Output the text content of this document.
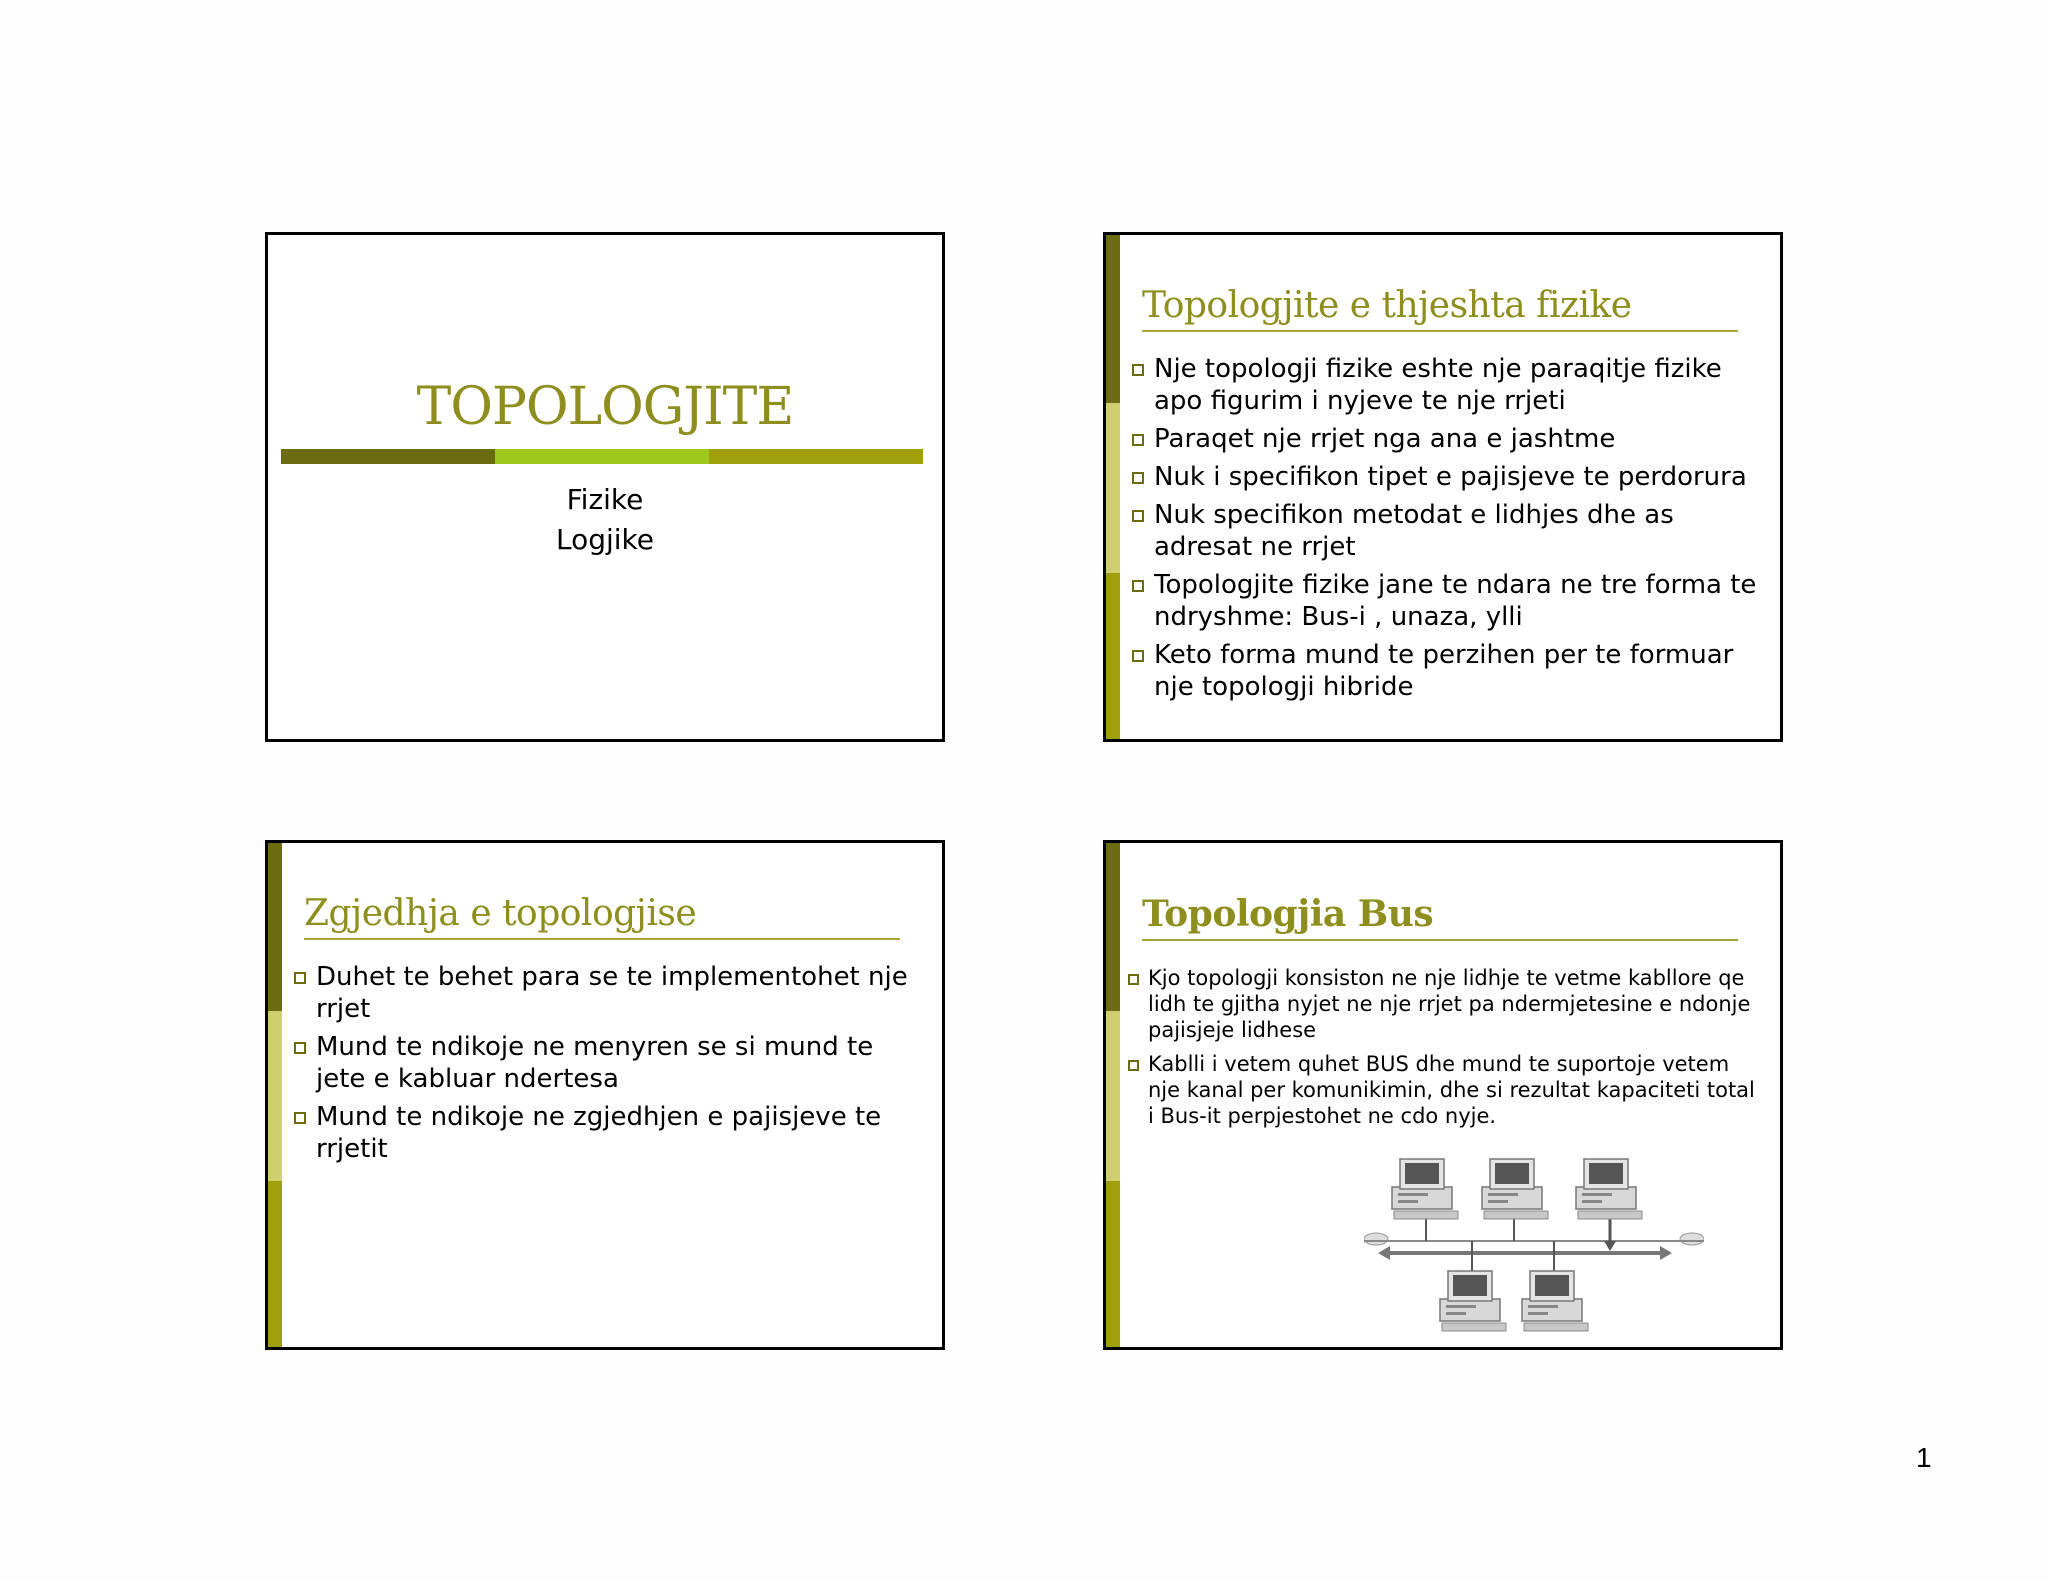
TOPOLOGJITE
Fizike
Logjike
Topologjite e thjeshta fizike
Nje topologji fizike eshte nje paraqitje fizike apo figurim i nyjeve te nje rrjeti
Paraqet nje rrjet nga ana e jashtme
Nuk i specifikon tipet e pajisjeve te perdorura
Nuk specifikon metodat e lidhjes dhe as adresat ne rrjet
Topologjite fizike jane te ndara ne tre forma te ndryshme: Bus-i , unaza, ylli
Keto forma mund te perzihen per te formuar nje topologji hibride
Zgjedhja e topologjise
Duhet te behet para se te implementohet nje rrjet
Mund te ndikoje ne menyren se si mund te jete e kabluar ndertesa
Mund te ndikoje ne zgjedhjen e pajisjeve te rrjetit
Topologjia Bus
Kjo topologji konsiston ne nje lidhje te vetme kabllore qe lidh te gjitha nyjet ne nje rrjet pa ndermjetesine e ndonje pajisjeje lidhese
Kablli i vetem quhet BUS dhe mund te suportoje vetem nje kanal per komunikimin, dhe si rezultat kapaciteti total i Bus-it perpjestohet ne cdo nyje.
1
